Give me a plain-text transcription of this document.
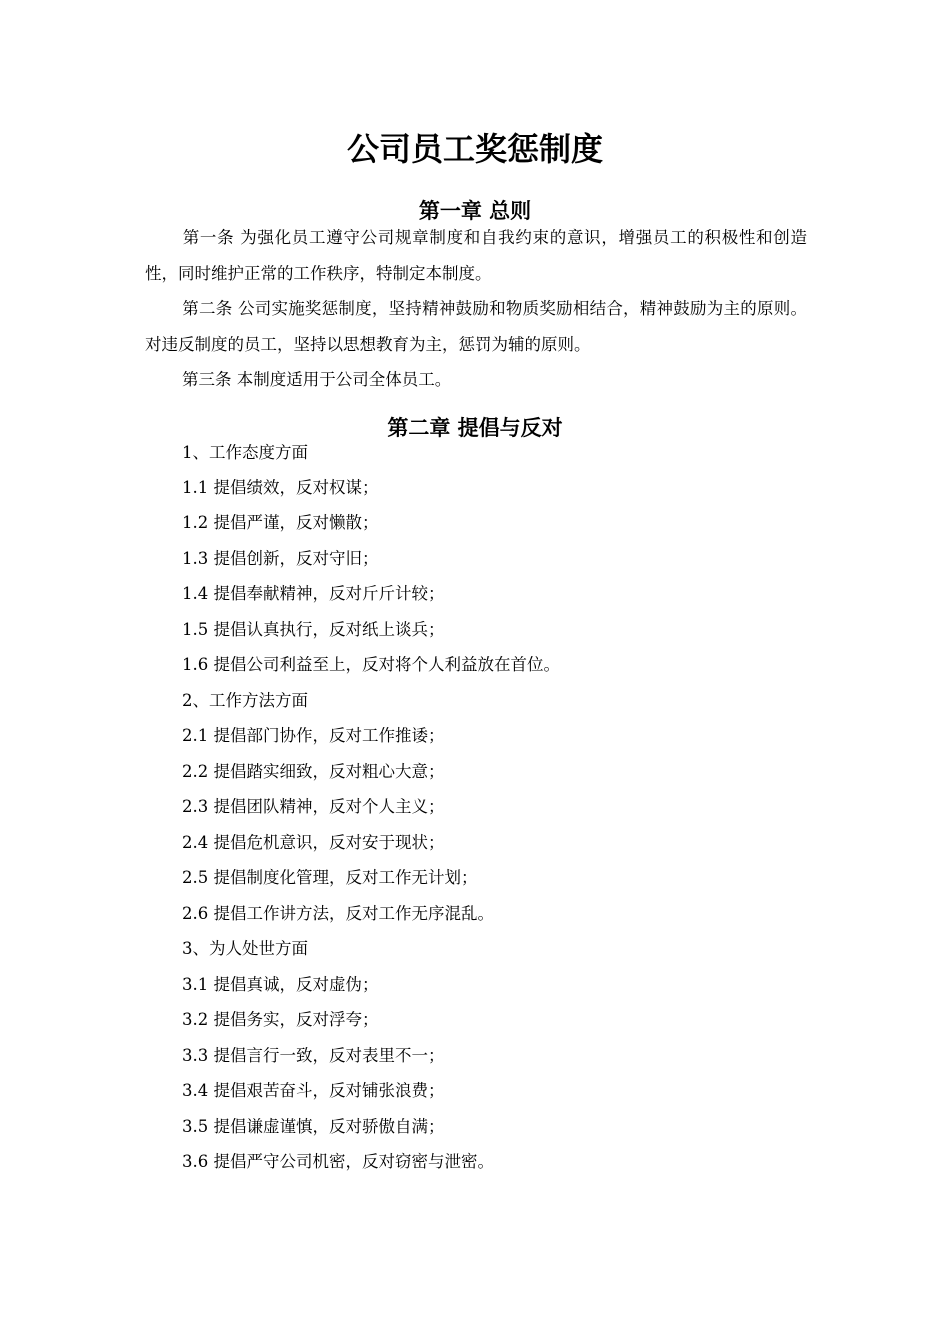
公司员工奖惩制度
第一章 总则

第一条 为强化员工遵守公司规章制度和自我约束的意识，增强员工的积极性和创造性，同时维护正常的工作秩序，特制定本制度。

第二条 公司实施奖惩制度，坚持精神鼓励和物质奖励相结合，精神鼓励为主的原则。对违反制度的员工，坚持以思想教育为主，惩罚为辅的原则。

第三条 本制度适用于公司全体员工。

第二章 提倡与反对

1、工作态度方面

1.1 提倡绩效，反对权谋；

1.2 提倡严谨，反对懒散；

1.3 提倡创新，反对守旧；

1.4 提倡奉献精神，反对斤斤计较；

1.5 提倡认真执行，反对纸上谈兵；

1.6 提倡公司利益至上，反对将个人利益放在首位。

2、工作方法方面

2.1 提倡部门协作，反对工作推诿；

2.2 提倡踏实细致，反对粗心大意；

2.3 提倡团队精神，反对个人主义；

2.4 提倡危机意识，反对安于现状；

2.5 提倡制度化管理，反对工作无计划；

2.6 提倡工作讲方法，反对工作无序混乱。

3、为人处世方面

3.1 提倡真诚，反对虚伪；

3.2 提倡务实，反对浮夸；

3.3 提倡言行一致，反对表里不一；

3.4 提倡艰苦奋斗，反对铺张浪费；

3.5 提倡谦虚谨慎，反对骄傲自满；

3.6 提倡严守公司机密，反对窃密与泄密。
